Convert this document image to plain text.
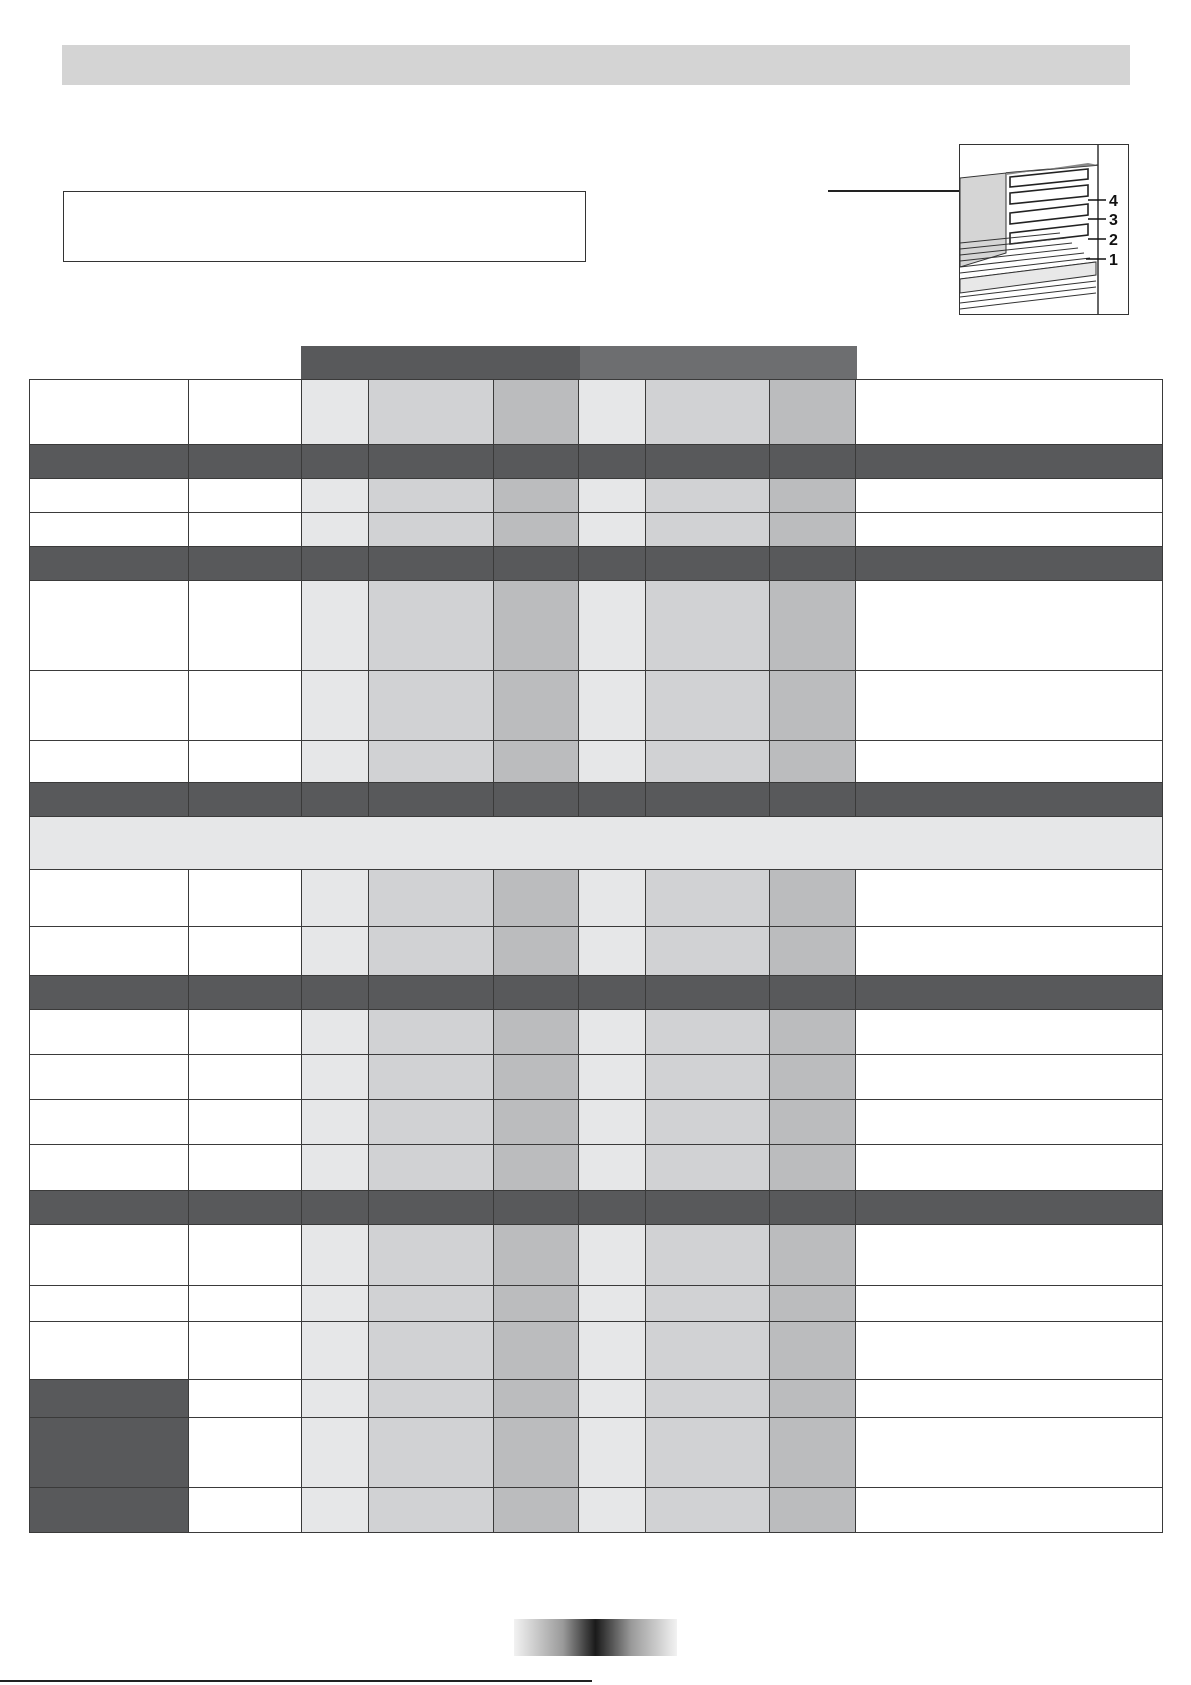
4
3
2
1
